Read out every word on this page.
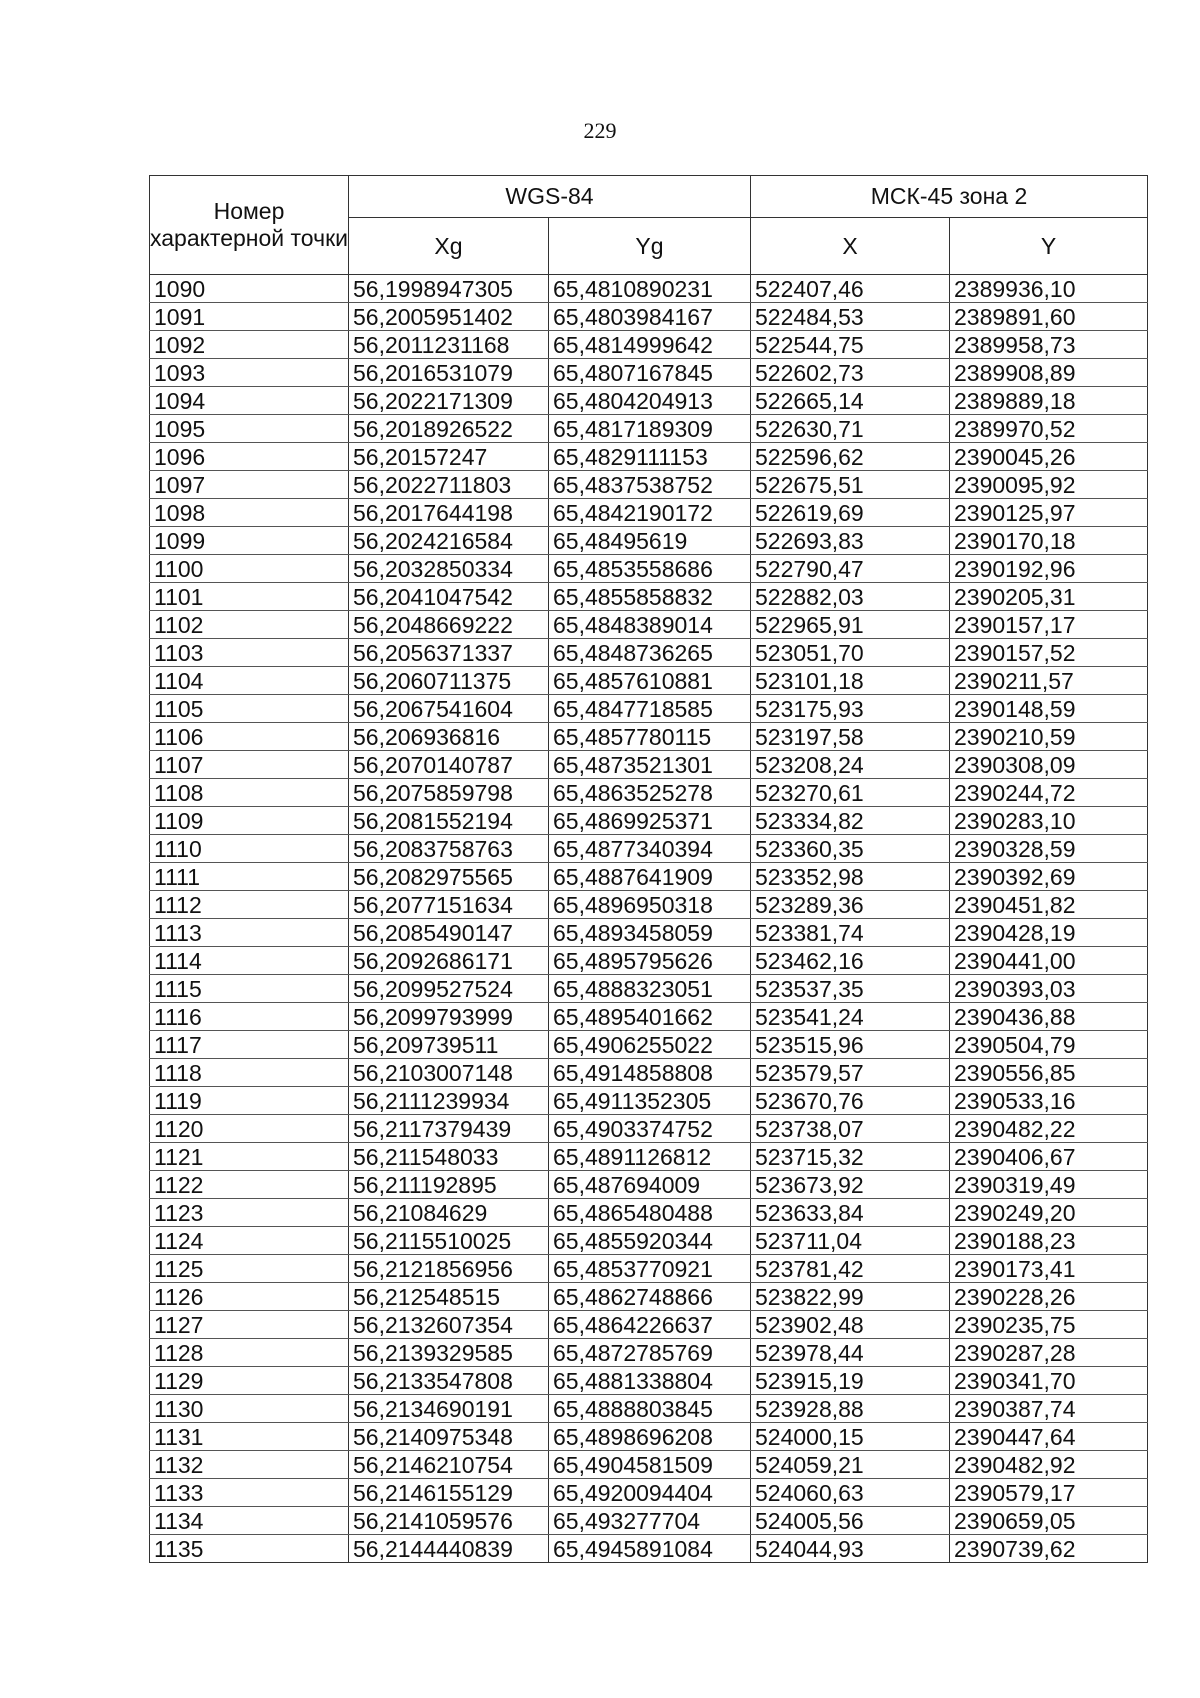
229
Номер характерной точки	WGS-84		МСК-45 зона 2	
	Xg	Yg	X	Y
1090	56,1998947305	65,4810890231	522407,46	2389936,10
1091	56,2005951402	65,4803984167	522484,53	2389891,60
1092	56,2011231168	65,4814999642	522544,75	2389958,73
1093	56,2016531079	65,4807167845	522602,73	2389908,89
1094	56,2022171309	65,4804204913	522665,14	2389889,18
1095	56,2018926522	65,4817189309	522630,71	2389970,52
1096	56,20157247	65,4829111153	522596,62	2390045,26
1097	56,2022711803	65,4837538752	522675,51	2390095,92
1098	56,2017644198	65,4842190172	522619,69	2390125,97
1099	56,2024216584	65,48495619	522693,83	2390170,18
1100	56,2032850334	65,4853558686	522790,47	2390192,96
1101	56,2041047542	65,4855858832	522882,03	2390205,31
1102	56,2048669222	65,4848389014	522965,91	2390157,17
1103	56,2056371337	65,4848736265	523051,70	2390157,52
1104	56,2060711375	65,4857610881	523101,18	2390211,57
1105	56,2067541604	65,4847718585	523175,93	2390148,59
1106	56,206936816	65,4857780115	523197,58	2390210,59
1107	56,2070140787	65,4873521301	523208,24	2390308,09
1108	56,2075859798	65,4863525278	523270,61	2390244,72
1109	56,2081552194	65,4869925371	523334,82	2390283,10
1110	56,2083758763	65,4877340394	523360,35	2390328,59
1111	56,2082975565	65,4887641909	523352,98	2390392,69
1112	56,2077151634	65,4896950318	523289,36	2390451,82
1113	56,2085490147	65,4893458059	523381,74	2390428,19
1114	56,2092686171	65,4895795626	523462,16	2390441,00
1115	56,2099527524	65,4888323051	523537,35	2390393,03
1116	56,2099793999	65,4895401662	523541,24	2390436,88
1117	56,209739511	65,4906255022	523515,96	2390504,79
1118	56,2103007148	65,4914858808	523579,57	2390556,85
1119	56,2111239934	65,4911352305	523670,76	2390533,16
1120	56,2117379439	65,4903374752	523738,07	2390482,22
1121	56,211548033	65,4891126812	523715,32	2390406,67
1122	56,211192895	65,487694009	523673,92	2390319,49
1123	56,21084629	65,4865480488	523633,84	2390249,20
1124	56,2115510025	65,4855920344	523711,04	2390188,23
1125	56,2121856956	65,4853770921	523781,42	2390173,41
1126	56,212548515	65,4862748866	523822,99	2390228,26
1127	56,2132607354	65,4864226637	523902,48	2390235,75
1128	56,2139329585	65,4872785769	523978,44	2390287,28
1129	56,2133547808	65,4881338804	523915,19	2390341,70
1130	56,2134690191	65,4888803845	523928,88	2390387,74
1131	56,2140975348	65,4898696208	524000,15	2390447,64
1132	56,2146210754	65,4904581509	524059,21	2390482,92
1133	56,2146155129	65,4920094404	524060,63	2390579,17
1134	56,2141059576	65,493277704	524005,56	2390659,05
1135	56,2144440839	65,4945891084	524044,93	2390739,62
